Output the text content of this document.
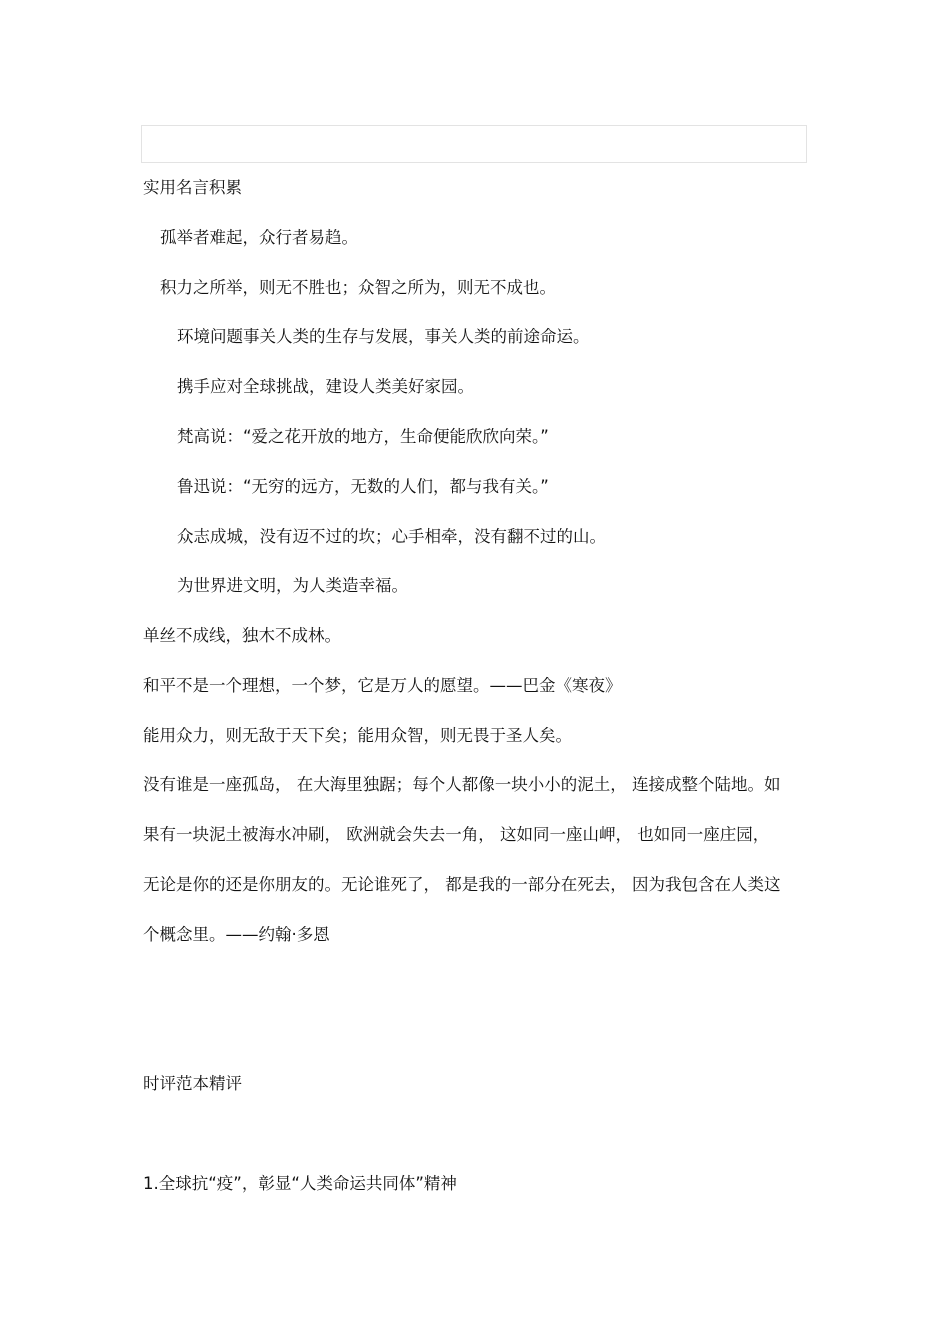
实用名言积累
孤举者难起，众行者易趋。
积力之所举，则无不胜也；众智之所为，则无不成也。
环境问题事关人类的生存与发展，事关人类的前途命运。
携手应对全球挑战，建设人类美好家园。
梵高说：“爱之花开放的地方，生命便能欣欣向荣。”
鲁迅说：“无穷的远方，无数的人们，都与我有关。”
众志成城，没有迈不过的坎；心手相牵，没有翻不过的山。
为世界进文明，为人类造幸福。
单丝不成线，独木不成林。
和平不是一个理想，一个梦，它是万人的愿望。——巴金《寒夜》
能用众力，则无敌于天下矣；能用众智，则无畏于圣人矣。
没有谁是一座孤岛， 在大海里独踞；每个人都像一块小小的泥土， 连接成整个陆地。如
果有一块泥土被海水冲刷， 欧洲就会失去一角， 这如同一座山岬， 也如同一座庄园，
无论是你的还是你朋友的。无论谁死了， 都是我的一部分在死去， 因为我包含在人类这
个概念里。——约翰·多恩
时评范本精评
1.全球抗“疫”，彰显“人类命运共同体”精神
